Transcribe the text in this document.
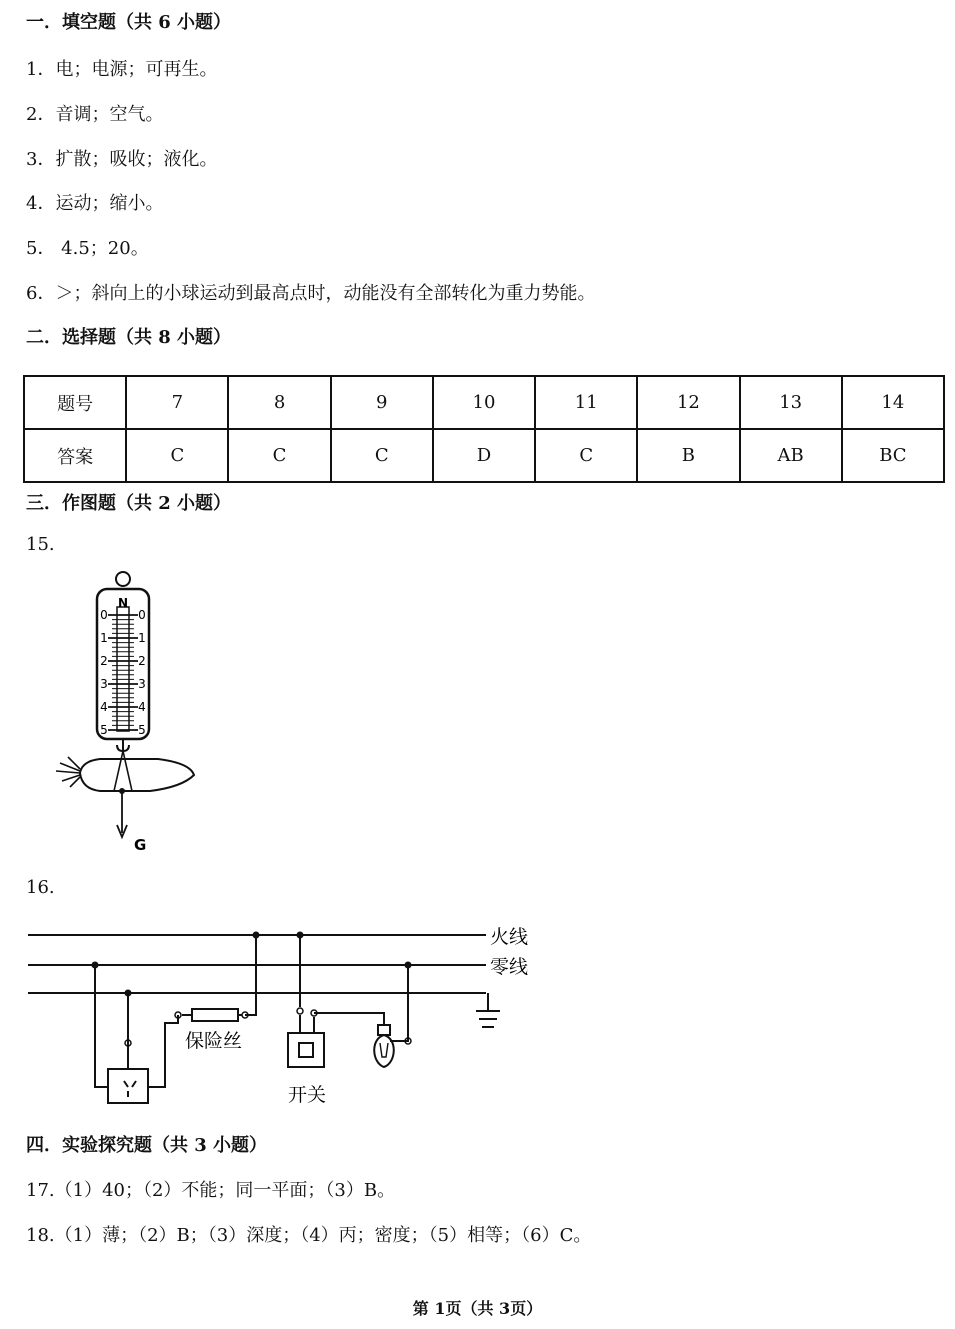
一．填空题（共 6 小题）
1．电；电源；可再生。
2．音调；空气。
3．扩散；吸收；液化。
4．运动；缩小。
5． 4.5；20。
6．＞；斜向上的小球运动到最高点时，动能没有全部转化为重力势能。
二．选择题（共 8 小题）
题号	7	8	9	10	11	12	13	14
答案	C	C	C	D	C	B	AB	BC
三．作图题（共 2 小题）
15.
N
0
1
2
3
4
5
0
1
2
3
4
5
G
16.
火线
零线
保险丝
开关
四．实验探究题（共 3 小题）
17.（1）40；（2）不能；同一平面；（3）B。
18.（1）薄；（2）B；（3）深度；（4）丙；密度；（5）相等；（6）C。
第 1页（共 3页）
